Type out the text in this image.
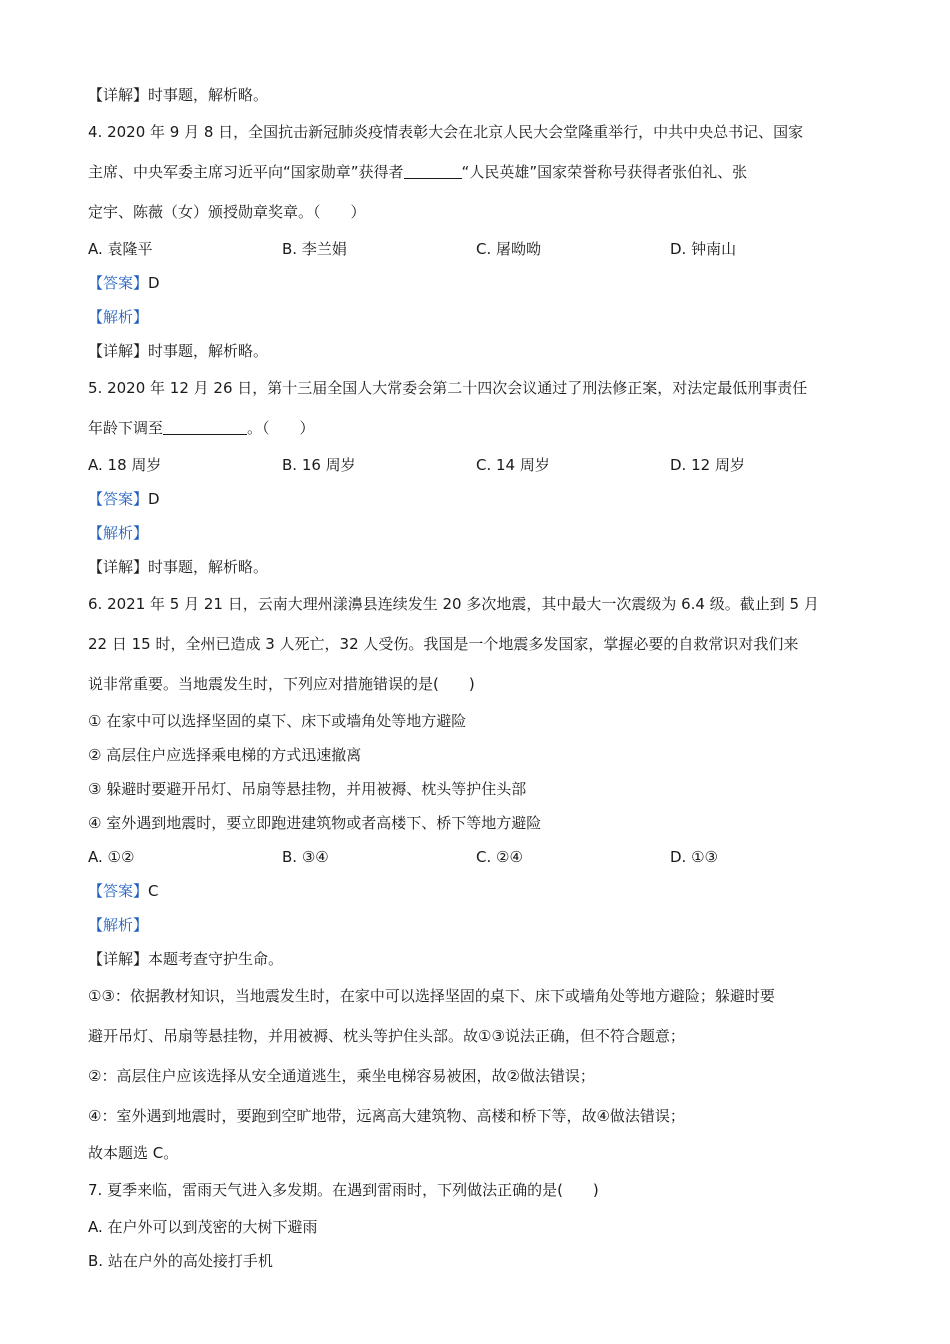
【详解】时事题，解析略。
4. 2020 年 9 月 8 日，全国抗击新冠肺炎疫情表彰大会在北京人民大会堂隆重举行，中共中央总书记、国家
主席、中央军委主席习近平向“国家勋章”获得者	“人民英雄”国家荣誉称号获得者张伯礼、张
定宇、陈薇（女）颁授勋章奖章。（　　）
A. 袁隆平	B. 李兰娟	C. 屠呦呦	D. 钟南山
【答案】D
【解析】
【详解】时事题，解析略。
5. 2020 年 12 月 26 日，第十三届全国人大常委会第二十四次会议通过了刑法修正案，对法定最低刑事责任
年龄下调至	。（　　）
A. 18 周岁	B. 16 周岁	C. 14 周岁	D. 12 周岁
【答案】D
【解析】
【详解】时事题，解析略。
6. 2021 年 5 月 21 日，云南大理州漾濞县连续发生 20 多次地震，其中最大一次震级为 6.4 级。截止到 5 月
22 日 15 时，全州已造成 3 人死亡，32 人受伤。我国是一个地震多发国家，掌握必要的自救常识对我们来
说非常重要。当地震发生时，下列应对措施错误的是(　　)
① 在家中可以选择坚固的桌下、床下或墙角处等地方避险
② 高层住户应选择乘电梯的方式迅速撤离
③ 躲避时要避开吊灯、吊扇等悬挂物，并用被褥、枕头等护住头部
④ 室外遇到地震时，要立即跑进建筑物或者高楼下、桥下等地方避险
A. ①②	B. ③④	C. ②④	D. ①③
【答案】C
【解析】
【详解】本题考查守护生命。
①③：依据教材知识，当地震发生时，在家中可以选择坚固的桌下、床下或墙角处等地方避险；躲避时要
避开吊灯、吊扇等悬挂物，并用被褥、枕头等护住头部。故①③说法正确，但不符合题意；
②：高层住户应该选择从安全通道逃生，乘坐电梯容易被困，故②做法错误；
④：室外遇到地震时，要跑到空旷地带，远离高大建筑物、高楼和桥下等，故④做法错误；
故本题选 C。
7. 夏季来临，雷雨天气进入多发期。在遇到雷雨时，下列做法正确的是(　　)
A. 在户外可以到茂密的大树下避雨
B. 站在户外的高处接打手机
